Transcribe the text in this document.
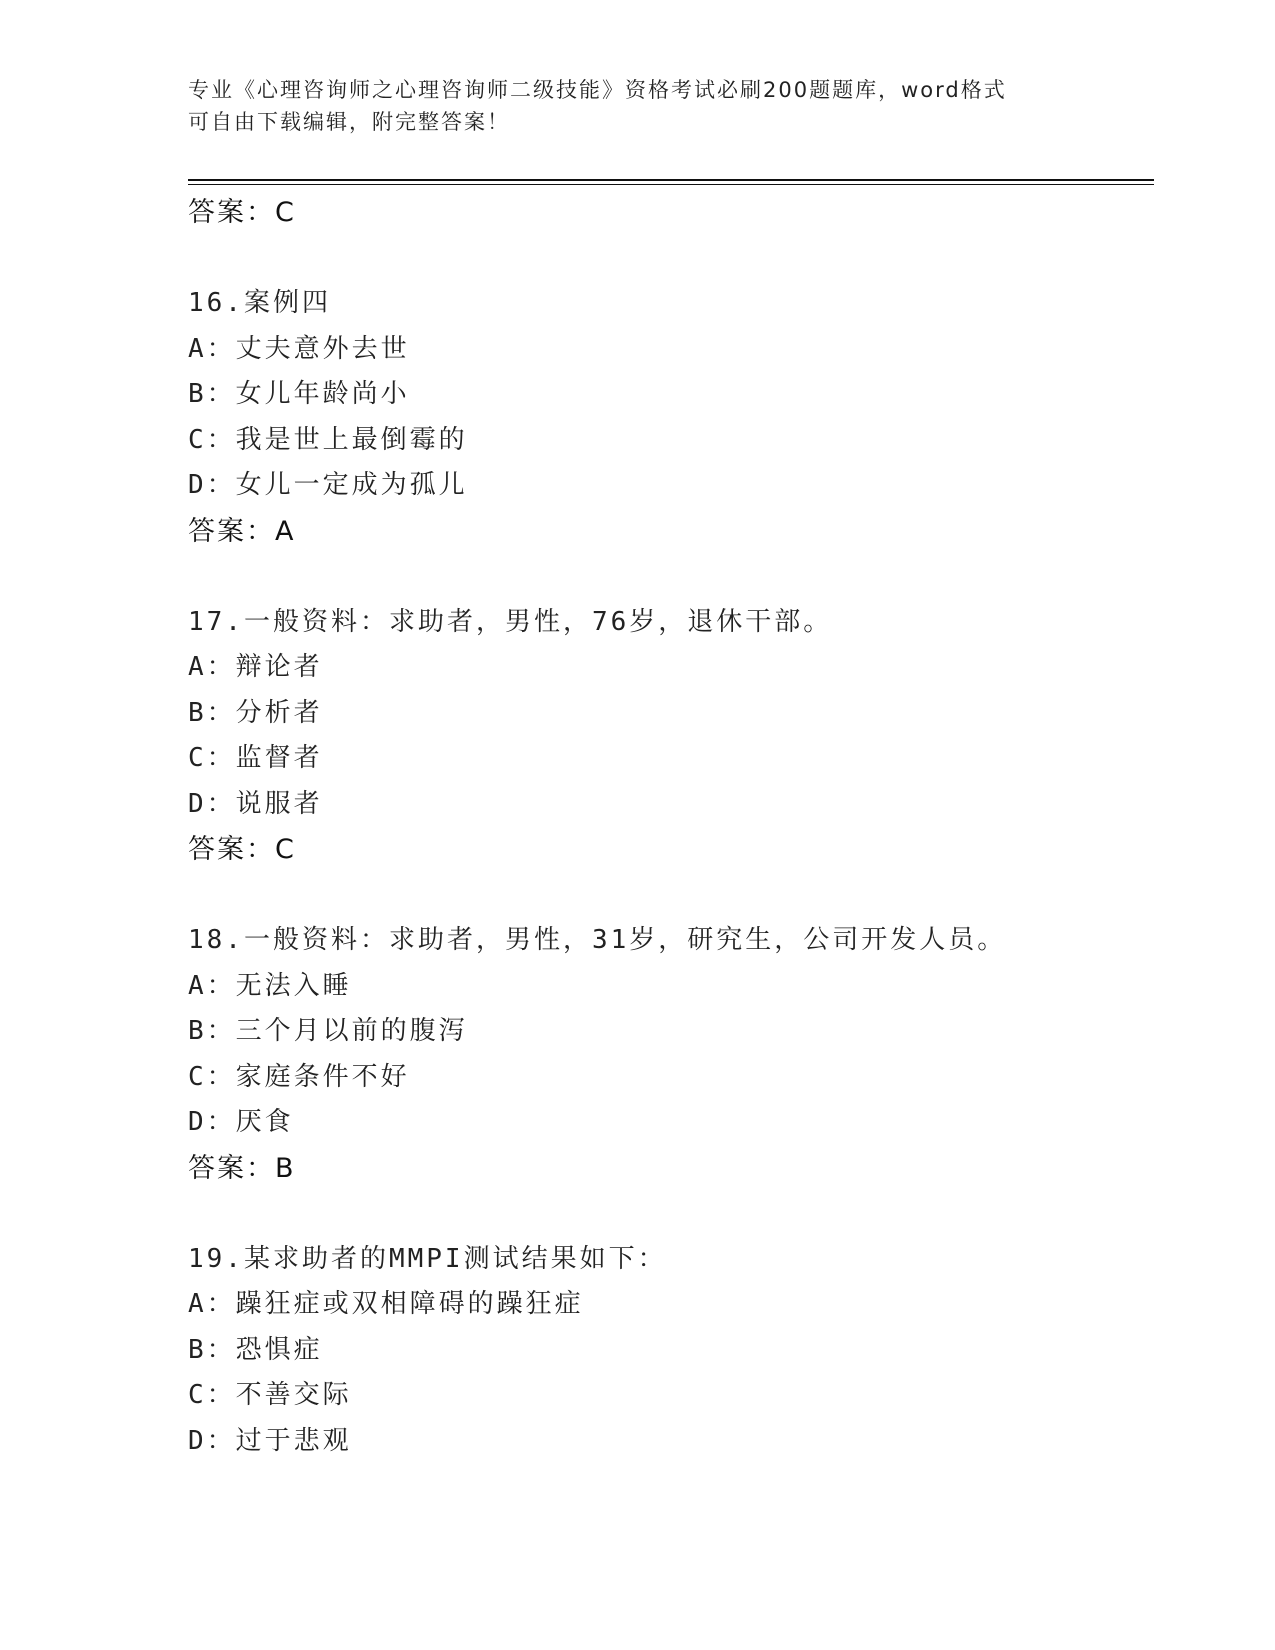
专业《心理咨询师之心理咨询师二级技能》资格考试必刷200题题库，word格式
可自由下载编辑，附完整答案！
答案：C
16.案例四
A：丈夫意外去世
B：女儿年龄尚小
C：我是世上最倒霉的
D：女儿一定成为孤儿
答案：A
17.一般资料：求助者，男性，76岁，退休干部。
A：辩论者
B：分析者
C：监督者
D：说服者
答案：C
18.一般资料：求助者，男性，31岁，研究生，公司开发人员。
A：无法入睡
B：三个月以前的腹泻
C：家庭条件不好
D：厌食
答案：B
19.某求助者的MMPI测试结果如下：
A：躁狂症或双相障碍的躁狂症
B：恐惧症
C：不善交际
D：过于悲观
